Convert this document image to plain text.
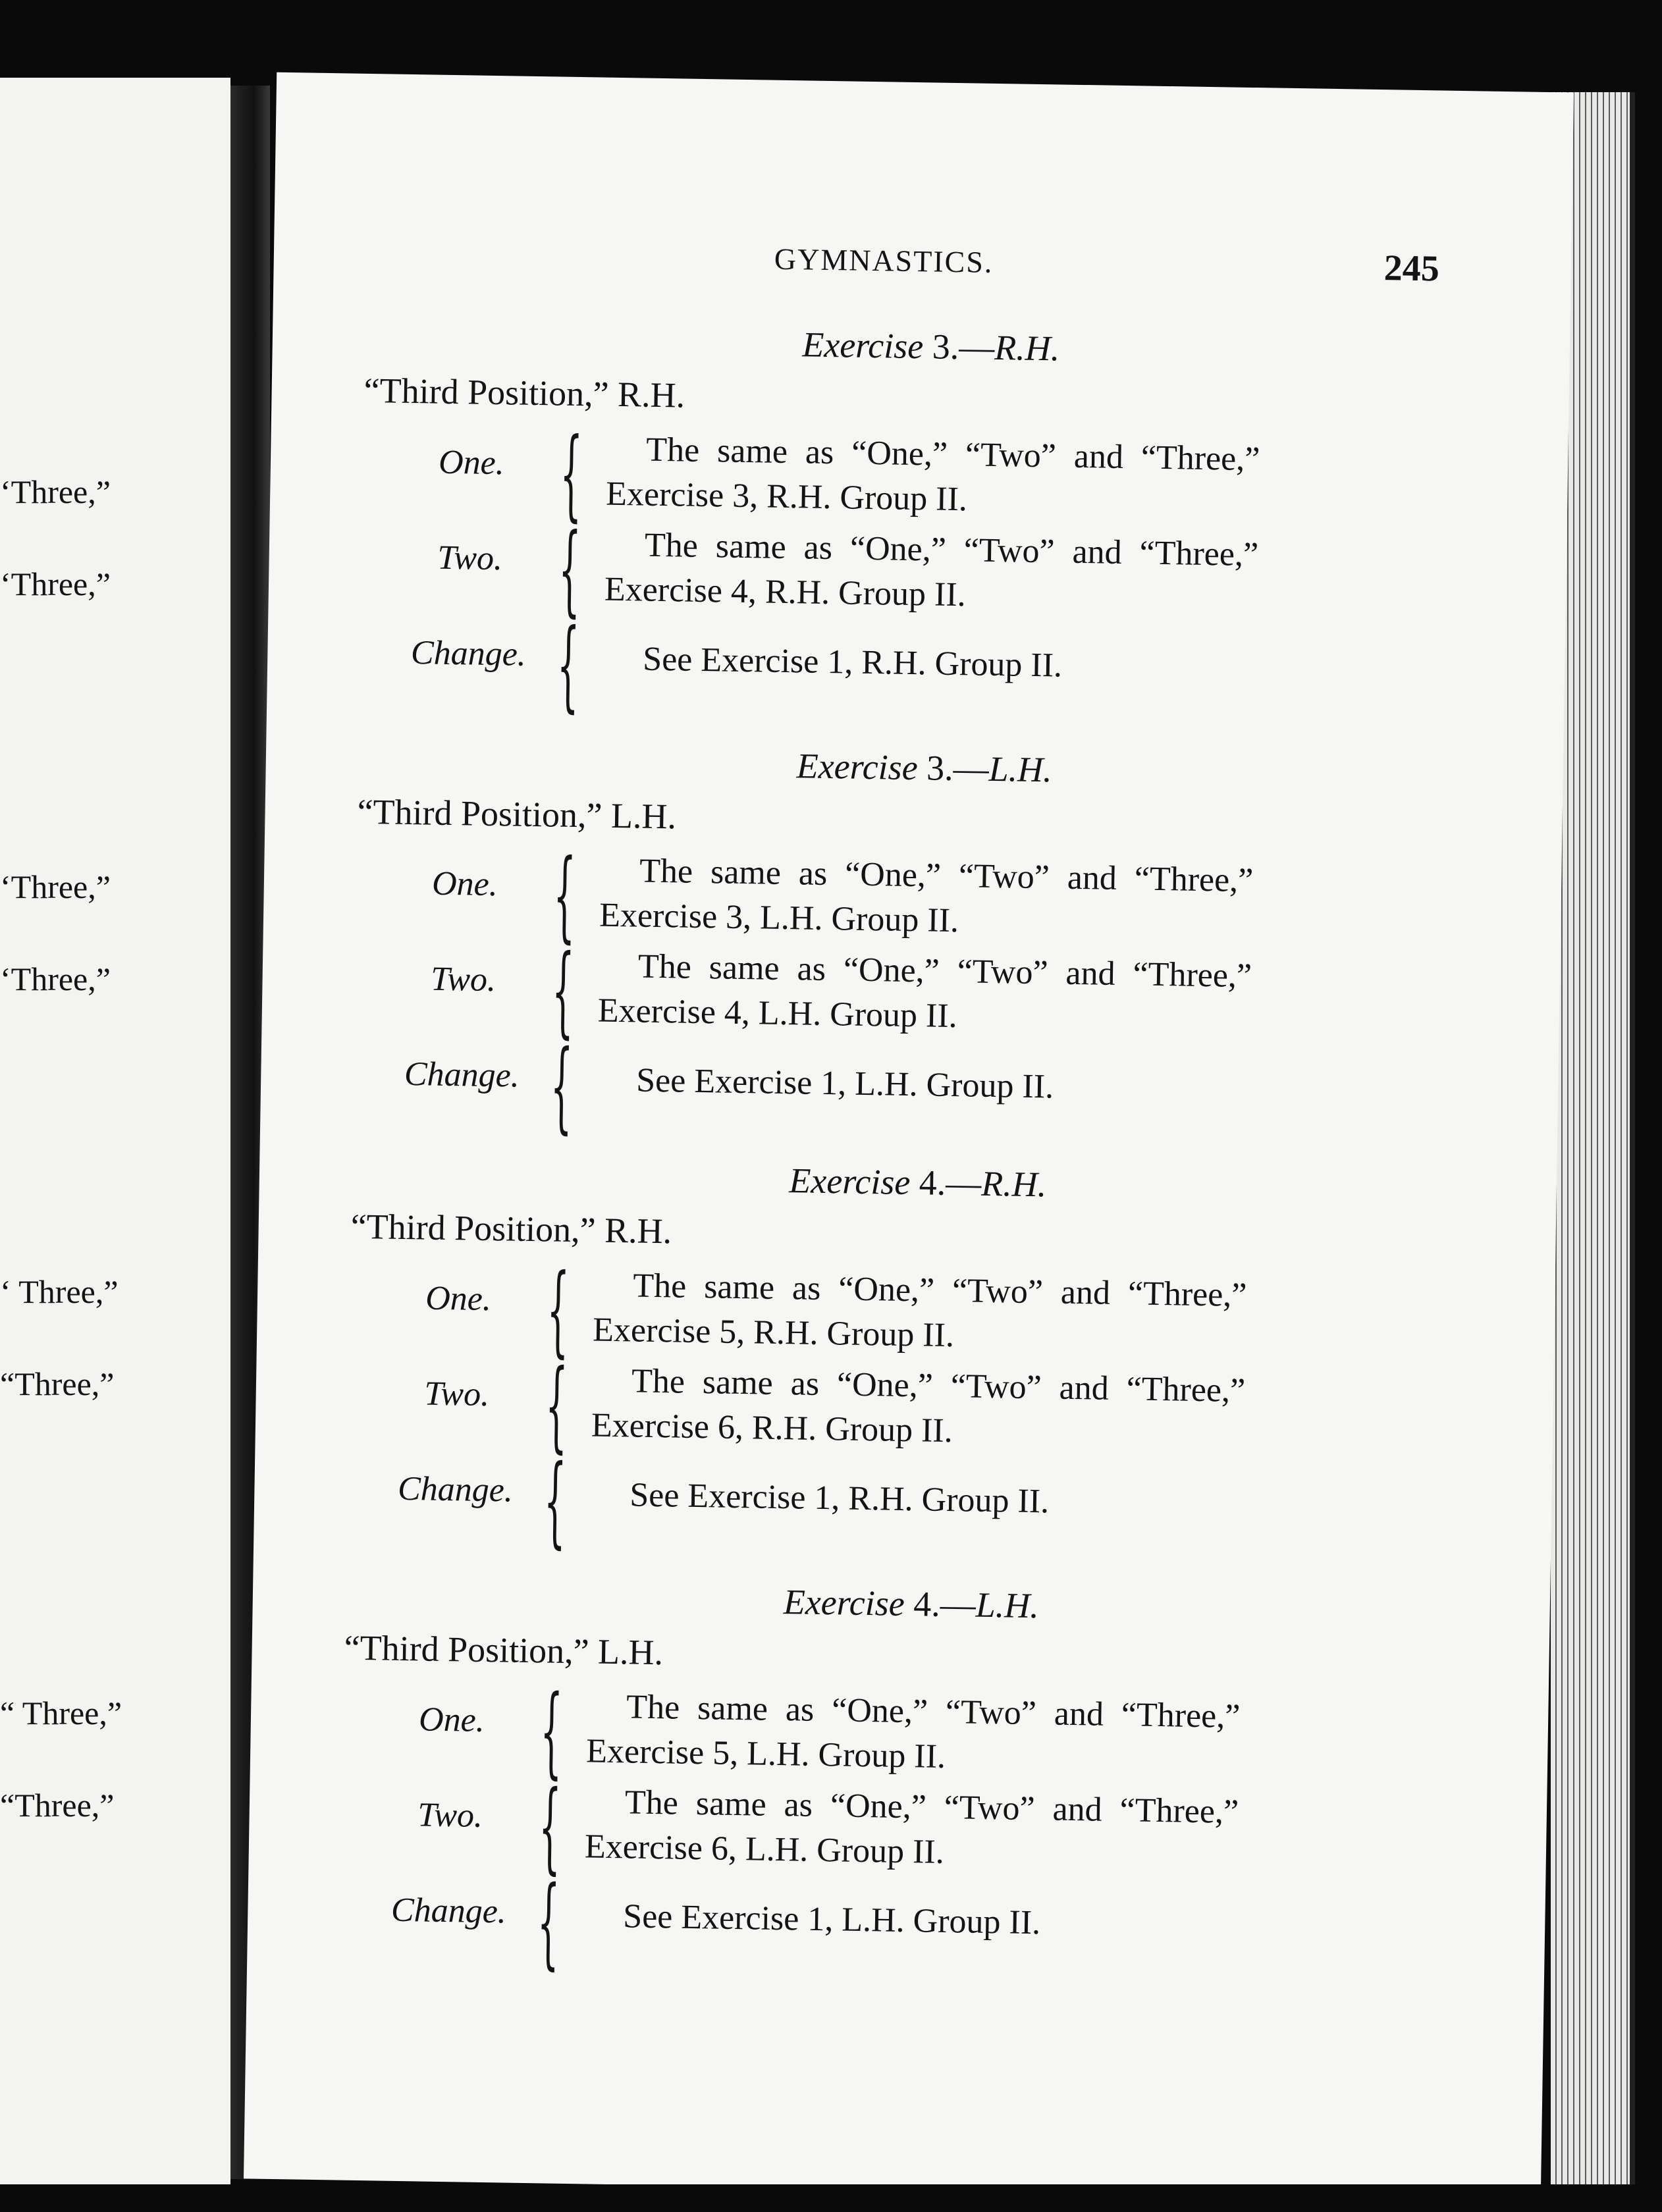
‘Three,”
‘Three,”
‘Three,”
‘Three,”
‘ Three,”
“Three,”
“ Three,”
“Three,”
GYMNASTICS.	245
Exercise 3.—R.H.
“Third Position,” R.H.
One. { The same as “One,” “Two” and “Three,”
Exercise 3, R.H. Group II.
Two. { The same as “One,” “Two” and “Three,”
Exercise 4, R.H. Group II.
Change. { See Exercise 1, R.H. Group II.
Exercise 3.—L.H.
“Third Position,” L.H.
One. { The same as “One,” “Two” and “Three,”
Exercise 3, L.H. Group II.
Two. { The same as “One,” “Two” and “Three,”
Exercise 4, L.H. Group II.
Change. { See Exercise 1, L.H. Group II.
Exercise 4.—R.H.
“Third Position,” R.H.
One. { The same as “One,” “Two” and “Three,”
Exercise 5, R.H. Group II.
Two. { The same as “One,” “Two” and “Three,”
Exercise 6, R.H. Group II.
Change. { See Exercise 1, R.H. Group II.
Exercise 4.—L.H.
“Third Position,” L.H.
One. { The same as “One,” “Two” and “Three,”
Exercise 5, L.H. Group II.
Two. { The same as “One,” “Two” and “Three,”
Exercise 6, L.H. Group II.
Change. { See Exercise 1, L.H. Group II.
